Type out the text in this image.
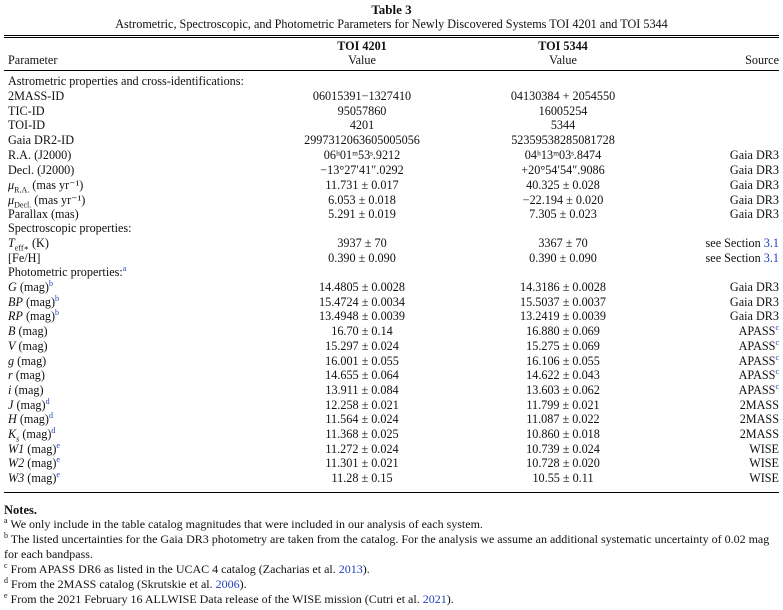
Table 3
Astrometric, Spectroscopic, and Photometric Parameters for Newly Discovered Systems TOI 4201 and TOI 5344
TOI 4201	TOI 5344
Parameter	Value	Value	Source
Astrometric properties and cross-identifications:
2MASS-ID	06015391−1327410	04130384 + 2054550
TIC-ID	95057860	16005254
TOI-ID	4201	5344
Gaia DR2-ID	2997312063605005056	52359538285081728
R.A. (J2000)	06ʰ01ᵐ53ˢ.9212	04ʰ13ᵐ03ˢ.8474	Gaia DR3
Decl. (J2000)	−13°27′41″.0292	+20°54′54″.9086	Gaia DR3
$\mu_{R.A.}$ (mas yr⁻¹)	11.731 ± 0.017	40.325 ± 0.028	Gaia DR3
$\mu_{Decl.}$ (mas yr⁻¹)	6.053 ± 0.018	−22.194 ± 0.020	Gaia DR3
Parallax (mas)	5.291 ± 0.019	7.305 ± 0.023	Gaia DR3
Spectroscopic properties:
$T_{eff∗}$ (K)	3937 ± 70	3367 ± 70	see Section 3.1
[Fe/H]	0.390 ± 0.090	0.390 ± 0.090	see Section 3.1
Photometric properties:$^a$
G (mag)$^b$	14.4805 ± 0.0028	14.3186 ± 0.0028	Gaia DR3
BP (mag)$^b$	15.4724 ± 0.0034	15.5037 ± 0.0037	Gaia DR3
RP (mag)$^b$	13.4948 ± 0.0039	13.2419 ± 0.0039	Gaia DR3
B (mag)	16.70 ± 0.14	16.880 ± 0.069	APASS$^c$
V (mag)	15.297 ± 0.024	15.275 ± 0.069	APASS$^c$
g (mag)	16.001 ± 0.055	16.106 ± 0.055	APASS$^c$
r (mag)	14.655 ± 0.064	14.622 ± 0.043	APASS$^c$
i (mag)	13.911 ± 0.084	13.603 ± 0.062	APASS$^c$
J (mag)$^d$	12.258 ± 0.021	11.799 ± 0.021	2MASS
H (mag)$^d$	11.564 ± 0.024	11.087 ± 0.022	2MASS
$K_s$ (mag)$^d$	11.368 ± 0.025	10.860 ± 0.018	2MASS
W1 (mag)$^e$	11.272 ± 0.024	10.739 ± 0.024	WISE
W2 (mag)$^e$	11.301 ± 0.021	10.728 ± 0.020	WISE
W3 (mag)$^e$	11.28 ± 0.15	10.55 ± 0.11	WISE
Notes.
$^a$ We only include in the table catalog magnitudes that were included in our analysis of each system.
$^b$ The listed uncertainties for the Gaia DR3 photometry are taken from the catalog. For the analysis we assume an additional systematic uncertainty of 0.02 mag for each bandpass.
$^c$ From APASS DR6 as listed in the UCAC 4 catalog (Zacharias et al. 2013).
$^d$ From the 2MASS catalog (Skrutskie et al. 2006).
$^e$ From the 2021 February 16 ALLWISE Data release of the WISE mission (Cutri et al. 2021).
